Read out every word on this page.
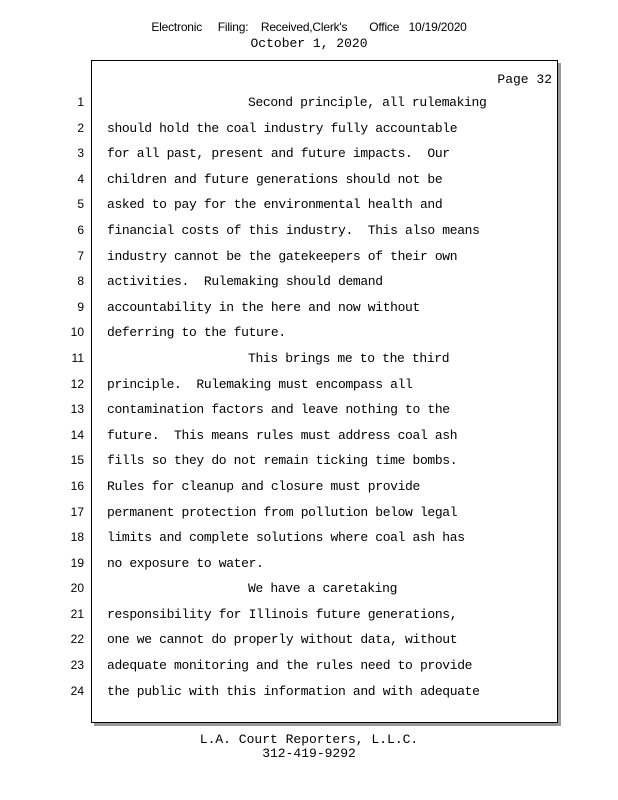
Electronic     Filing:    Received,Clerk's       Office   10/19/2020
October 1, 2020
Page 32
1	Second principle, all rulemaking
2 should hold the coal industry fully accountable
3 for all past, present and future impacts.  Our
4 children and future generations should not be
5 asked to pay for the environmental health and
6 financial costs of this industry.  This also means
7 industry cannot be the gatekeepers of their own
8 activities.  Rulemaking should demand
9 accountability in the here and now without
10 deferring to the future.
11	This brings me to the third
12 principle.  Rulemaking must encompass all
13 contamination factors and leave nothing to the
14 future.  This means rules must address coal ash
15 fills so they do not remain ticking time bombs.
16 Rules for cleanup and closure must provide
17 permanent protection from pollution below legal
18 limits and complete solutions where coal ash has
19 no exposure to water.
20	We have a caretaking
21 responsibility for Illinois future generations,
22 one we cannot do properly without data, without
23 adequate monitoring and the rules need to provide
24 the public with this information and with adequate
L.A. Court Reporters, L.L.C.
312-419-9292
